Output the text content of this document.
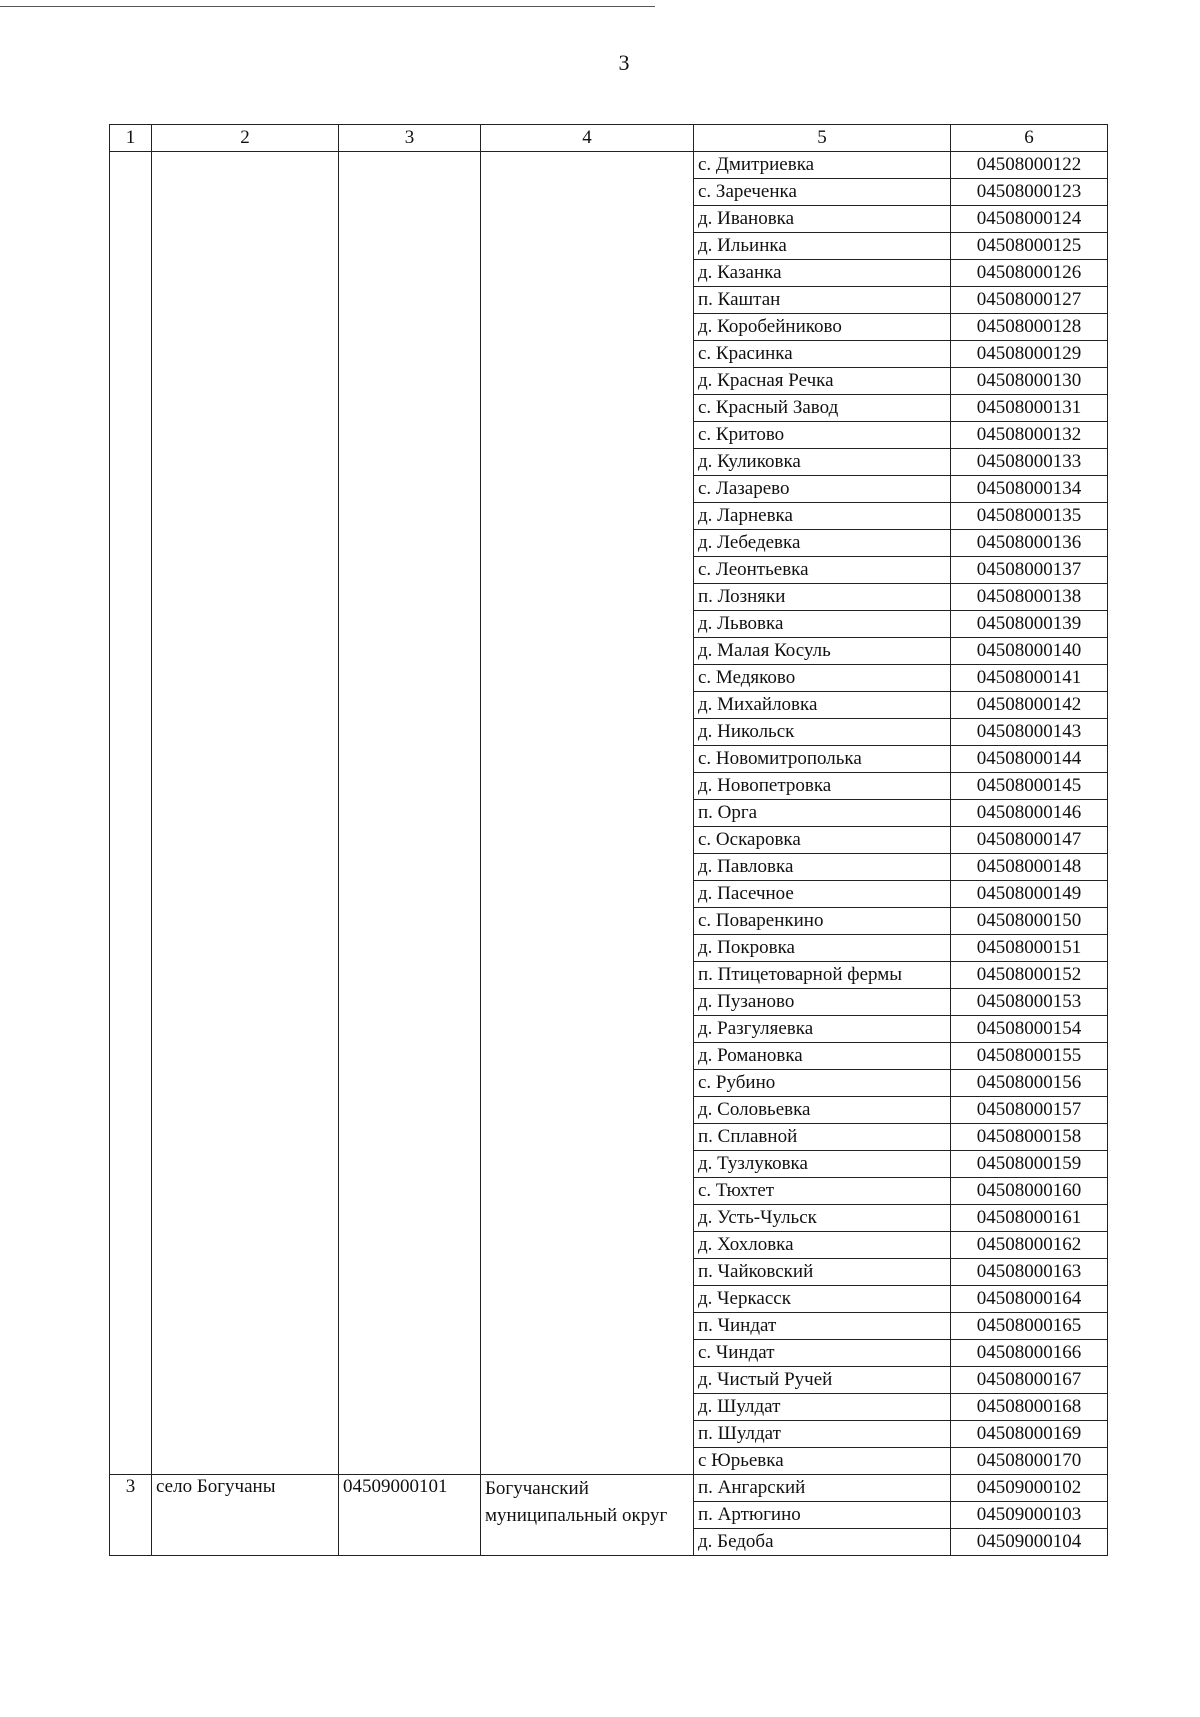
3
1	2	3	4	5	6
				с. Дмитриевка	04508000122
				с. Зареченка	04508000123
				д. Ивановка	04508000124
				д. Ильинка	04508000125
				д. Казанка	04508000126
				п. Каштан	04508000127
				д. Коробейниково	04508000128
				с. Красинка	04508000129
				д. Красная Речка	04508000130
				с. Красный Завод	04508000131
				с. Критово	04508000132
				д. Куликовка	04508000133
				с. Лазарево	04508000134
				д. Ларневка	04508000135
				д. Лебедевка	04508000136
				с. Леонтьевка	04508000137
				п. Лозняки	04508000138
				д. Львовка	04508000139
				д. Малая Косуль	04508000140
				с. Медяково	04508000141
				д. Михайловка	04508000142
				д. Никольск	04508000143
				с. Новомитрополька	04508000144
				д. Новопетровка	04508000145
				п. Орга	04508000146
				с. Оскаровка	04508000147
				д. Павловка	04508000148
				д. Пасечное	04508000149
				с. Поваренкино	04508000150
				д. Покровка	04508000151
				п. Птицетоварной фермы	04508000152
				д. Пузаново	04508000153
				д. Разгуляевка	04508000154
				д. Романовка	04508000155
				с. Рубино	04508000156
				д. Соловьевка	04508000157
				п. Сплавной	04508000158
				д. Тузлуковка	04508000159
				с. Тюхтет	04508000160
				д. Усть-Чульск	04508000161
				д. Хохловка	04508000162
				п. Чайковский	04508000163
				д. Черкасск	04508000164
				п. Чиндат	04508000165
				с. Чиндат	04508000166
				д. Чистый Ручей	04508000167
				д. Шулдат	04508000168
				п. Шулдат	04508000169
				с Юрьевка	04508000170
3	село Богучаны	04509000101	Богучанский муниципальный округ	п. Ангарский	04509000102
				п. Артюгино	04509000103
				д. Бедоба	04509000104
